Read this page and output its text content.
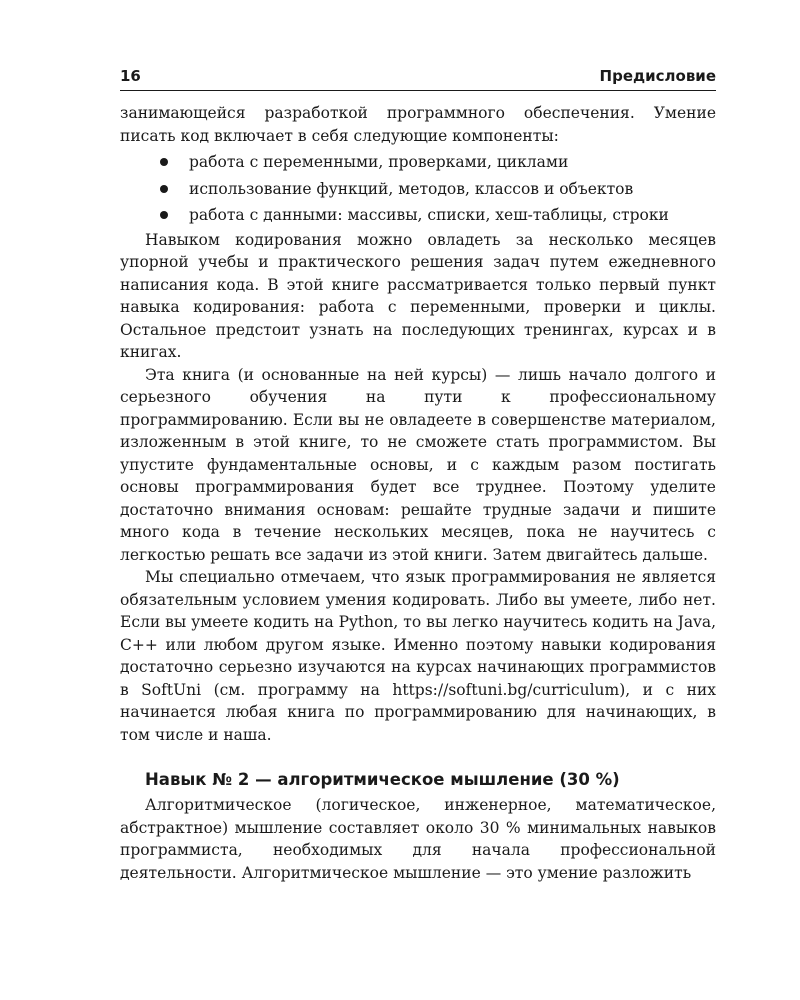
16	Предисловие

занимающейся разработкой программного обеспечения. Умение писать код включает в себя следующие компоненты:

работа с переменными, проверками, циклами
использование функций, методов, классов и объектов
работа с данными: массивы, списки, хеш-таблицы, строки

Навыком кодирования можно овладеть за несколько месяцев упорной учебы и практического решения задач путем ежедневного написания кода. В этой книге рассматривается только первый пункт навыка кодирования: работа с переменными, проверки и циклы. Остальное предстоит узнать на последующих тренингах, курсах и в книгах.

Эта книга (и основанные на ней курсы) — лишь начало долгого и серьезного обучения на пути к профессиональному программированию. Если вы не овладеете в совершенстве материалом, изложенным в этой книге, то не сможете стать программистом. Вы упустите фундаментальные основы, и с каждым разом постигать основы программирования будет все труднее. Поэтому уделите достаточно внимания основам: решайте трудные задачи и пишите много кода в течение нескольких месяцев, пока не научитесь с легкостью решать все задачи из этой книги. Затем двигайтесь дальше.

Мы специально отмечаем, что язык программирования не является обязательным условием умения кодировать. Либо вы умеете, либо нет. Если вы умеете кодить на Python, то вы легко научитесь кодить на Java, C++ или любом другом языке. Именно поэтому навыки кодирования достаточно серьезно изучаются на курсах начинающих программистов в SoftUni (см. программу на https://softuni.bg/curriculum), и с них начинается любая книга по программированию для начинающих, в том числе и наша.

Навык № 2 — алгоритмическое мышление (30 %)

Алгоритмическое (логическое, инженерное, математическое, абстрактное) мышление составляет около 30 % минимальных навыков программиста, необходимых для начала профессиональной деятельности. Алгоритмическое мышление — это умение разложить
